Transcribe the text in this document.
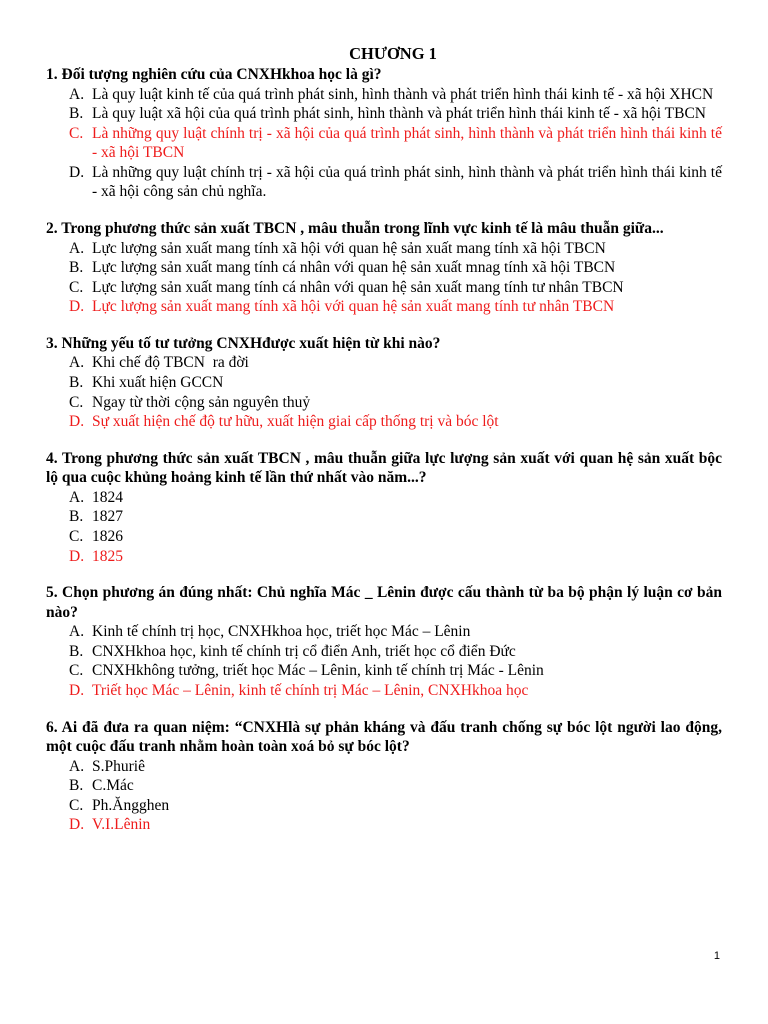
CHƯƠNG 1
1. Đối tượng nghiên cứu của CNXHkhoa học là gì?
A. Là quy luật kinh tế của quá trình phát sinh, hình thành và phát triển hình thái kinh tế - xã hội XHCN
B. Là quy luật xã hội của quá trình phát sinh, hình thành và phát triển hình thái kinh tế - xã hội TBCN
C. Là những quy luật chính trị - xã hội của quá trình phát sinh, hình thành và phát triển hình thái kinh tế - xã hội TBCN
D. Là những quy luật chính trị - xã hội của quá trình phát sinh, hình thành và phát triển hình thái kinh tế - xã hội công sản chủ nghĩa.
2. Trong phương thức sản xuất TBCN , mâu thuẫn trong lĩnh vực kinh tế là mâu thuẫn giữa...
A. Lực lượng sản xuất mang tính xã hội với quan hệ sản xuất mang tính xã hội TBCN
B. Lực lượng sản xuất mang tính cá nhân với quan hệ sản xuất mnag tính xã hội TBCN
C. Lực lượng sản xuất mang tính cá nhân với quan hệ sản xuất mang tính tư nhân TBCN
D. Lực lượng sản xuất mang tính xã hội với quan hệ sản xuất mang tính tư nhân TBCN
3. Những yếu tố tư tưởng CNXHđược xuất hiện từ khi nào?
A. Khi chế độ TBCN  ra đời
B. Khi xuất hiện GCCN
C. Ngay từ thời cộng sản nguyên thuỷ
D. Sự xuất hiện chế độ tư hữu, xuất hiện giai cấp thống trị và bóc lột
4. Trong phương thức sản xuất TBCN , mâu thuẫn giữa lực lượng sản xuất với quan hệ sản xuất bộc lộ qua cuộc khủng hoảng kinh tế lần thứ nhất vào năm...?
A. 1824
B. 1827
C. 1826
D. 1825
5. Chọn phương án đúng nhất: Chủ nghĩa Mác _ Lênin được cấu thành từ ba bộ phận lý luận cơ bản nào?
A. Kinh tế chính trị học, CNXHkhoa học, triết học Mác – Lênin
B. CNXHkhoa học, kinh tế chính trị cổ điển Anh, triết học cổ điển Đức
C. CNXHkhông tưởng, triết học Mác – Lênin, kinh tế chính trị Mác - Lênin
D. Triết học Mác – Lênin, kinh tế chính trị Mác – Lênin, CNXHkhoa học
6. Ai đã đưa ra quan niệm: “CNXHlà sự phản kháng và đấu tranh chống sự bóc lột người lao động, một cuộc đấu tranh nhằm hoàn toàn xoá bỏ sự bóc lột?
A. S.Phuriê
B. C.Mác
C. Ph.Ăngghen
D. V.I.Lênin
1
